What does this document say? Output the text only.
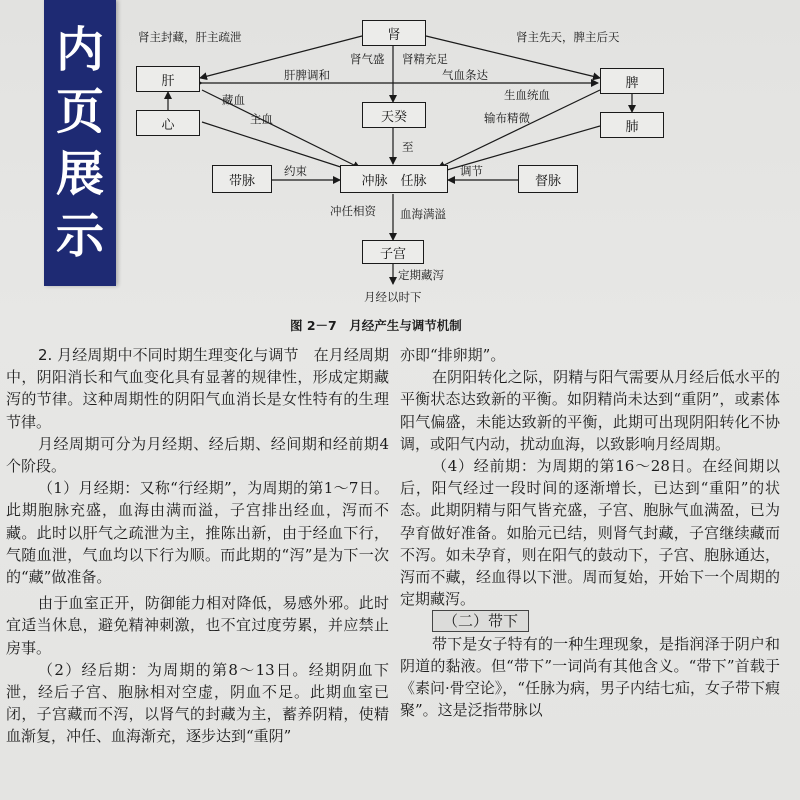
内
页
展
示
肾
肝
心
天癸
脾
肺
带脉	冲脉　任脉	督脉
子宫
肾主封藏，肝主疏泄	肾主先天，脾主后天
肾气盛 肾精充足
气血条达
肝脾调和
藏血
主血
生血统血
输布精微
至
约束	调节
冲任相资 血海满溢
定期藏泻
月经以时下
图 2－7　月经产生与调节机制

2. 月经周期中不同时期生理变化与调节　在月经周期中，阴阳消长和气血变化具有显著的规律性，形成定期藏泻的节律。这种周期性的阴阳气血消长是女性特有的生理节律。

月经周期可分为月经期、经后期、经间期和经前期4个阶段。

（1）月经期：又称“行经期”，为周期的第1～7日。此期胞脉充盛，血海由满而溢，子宫排出经血，泻而不藏。此时以肝气之疏泄为主，推陈出新，由于经血下行，气随血泄，气血均以下行为顺。而此期的“泻”是为下一次的“藏”做准备。

由于血室正开，防御能力相对降低，易感外邪。此时宜适当休息，避免精神刺激，也不宜过度劳累，并应禁止房事。

（2）经后期：为周期的第8～13日。经期阴血下泄，经后子宫、胞脉相对空虚，阴血不足。此期血室已闭，子宫藏而不泻，以肾气的封藏为主，蓄养阴精，使精血渐复，冲任、血海渐充，逐步达到“重阴”

亦即“排卵期”。

在阴阳转化之际，阴精与阳气需要从月经后低水平的平衡状态达致新的平衡。如阴精尚未达到“重阴”，或素体阳气偏盛，未能达致新的平衡，此期可出现阴阳转化不协调，或阳气内动，扰动血海，以致影响月经周期。

（4）经前期：为周期的第16～28日。在经间期以后，阳气经过一段时间的逐渐增长，已达到“重阳”的状态。此期阴精与阳气皆充盛，子宫、胞脉气血满盈，已为孕育做好准备。如胎元已结，则肾气封藏，子宫继续藏而不泻。如未孕育，则在阳气的鼓动下，子宫、胞脉通达，泻而不藏，经血得以下泄。周而复始，开始下一个周期的定期藏泻。

（二）带下

带下是女子特有的一种生理现象，是指润泽于阴户和阴道的黏液。但“带下”一词尚有其他含义。“带下”首载于《素问·骨空论》，“任脉为病，男子内结七疝，女子带下瘕聚”。这是泛指带脉以
